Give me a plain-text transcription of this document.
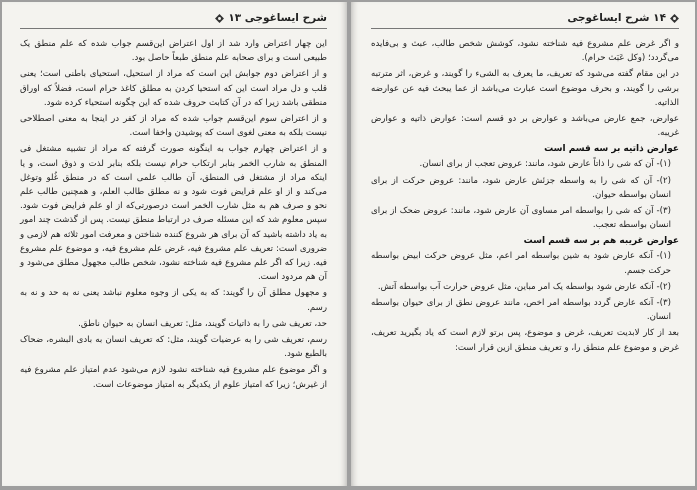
شرح ایساغوجی ۱۳

این چهار اعتراض وارد شد از اول اعتراض این‌قسم جواب شده که علم منطق یک طبیعی است و برای صحابه علم منطق طبعاً حاصل بود.

و از اعتراض دوم جوابش این است که مراد از استحیل، استحیای باطنی است؛ یعنی قلب و دل مراد است این که استحیا کردن به مطلق کاغذ حرام است، فضلاً که اوراق منطقی باشد زیرا که در آن کتابت حروف شده که این چگونه استحیاء کرده شود.

و از اعتراض سوم این‌قسم جواب شده که مراد از کفر در اینجا به معنی اصطلاحی نیست بلکه به معنی لغوی است که پوشیدن واخفا است.

و از اعتراض چهارم جواب به اینگونه صورت گرفته که مراد از تشبیه مشتغل فی المنطق به شارب الخمر بنابر ارتکاب حرام نیست بلکه بنابر لذت و ذوق است، و یا اینکه مراد از مشتغل فی المنطق، آن طالب علمی است که در منطق غُلو وتوغل می‌کند و از او علم فرایض فوت شود و نه مطلق طالب العلم، و همچنین طالب علم نحو و صرف هم به مثل شارب الخمر است درصورتی‌که از او علم فرایض فوت شود. سپس معلوم شد که این مسئله صرف در ارتباط منطق نیست. پس از گذشت چند امور به یاد داشته باشید که آن برای هر شروع کننده شناختن و معرفت امور ثلاثه هم لازمی و ضروری است: تعریف علم مشروع فیه، غرض علم مشروع فیه، و موضوع علم مشروع فیه. زیرا که اگر علم مشروع فیه شناخته نشود، شخص طالب مجهول مطلق می‌شود و آن هم مردود است.

و مجهول مطلق آن را گویند: که به یکی از وجوه معلوم نباشد یعنی نه به حد و نه به رسم.

حد، تعریف شی را به ذاتیات گویند، مثل: تعریف انسان به حیوان ناطق.

رسم، تعریف شی را به عرضیات گویند، مثل: که تعریف انسان به بادی البشره، ضحاک بالطبع شود.

و اگر موضوع علم مشروع فیه شناخته نشود لازم می‌شود عدم امتیاز علم مشروع فیه از غیرش؛ زیرا که امتیاز علوم از یکدیگر به امتیاز موضوعات است.

۱۴ شرح ایساغوجی

و اگر غرض علم مشروع فیه شناخته نشود، کوشش شخص طالب، عبث و بی‌فایده می‌گردد؛ (وکل عَبَث حرام).

در این مقام گفته می‌شود که تعریف، ما یعرف به الشی‌ء را گویند، و غرض، اثر مترتبه برشی را گویند، و بحرف موضوع است عبارت می‌باشد از عما یبحث فیه عن عوارضه الذاتیه.

عوارض، جمع عارض می‌باشد و عوارض بر دو قسم است: عوارض ذاتیه و عوارض غریبه.

عوارض ذاتیه بر سه قسم است

(۱)- آن که شی را ذاتاً عارض شود، مانند: عروض تعجب از برای انسان.

(۲)- آن که شی را به واسطه جزئش عارض شود، مانند: عروض حرکت از برای انسان بواسطه حیوان.

(۳)- آن که شی را بواسطه امر مساوی آن عارض شود، مانند: عروض ضحک از برای انسان بواسطه تعجب.

عوارض غریبه هم بر سه قسم است

(۱)- آنکه عارض شود به شین بواسطه امر اعم، مثل عروض حرکت ابیض بواسطه حرکت جسم.

(۲)- آنکه عارض شود بواسطه یک امر مباین، مثل عروض حرارت آب بواسطه آتش.

(۳)- آنکه عارض گردد بواسطه امر اخص، مانند عروض نطق از برای حیوان بواسطه انسان.

بعد از کار لابدیت تعریف، غرض و موضوع، پس برتو لازم است که یاد بگیرید تعریف، غرض و موضوع علم منطق را، و تعریف منطق ازین قرار است:
